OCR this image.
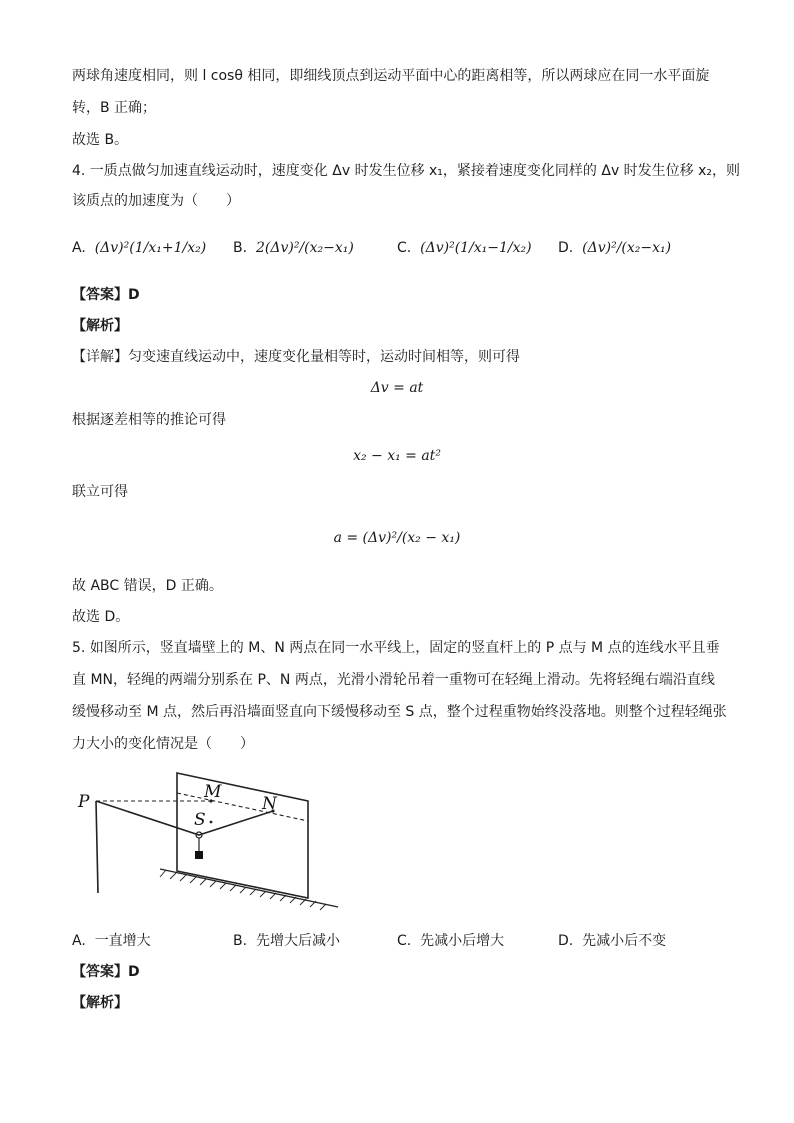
两球角速度相同，则 l cosθ 相同，即细线顶点到运动平面中心的距离相等，所以两球应在同一水平面旋
转，B 正确；
故选 B。
4. 一质点做匀加速直线运动时，速度变化 Δv 时发生位移 x₁，紧接着速度变化同样的 Δv 时发生位移 x₂，则
该质点的加速度为（　　）
A. (Δv)²(1/x₁+1/x₂) B. 2(Δv)²/(x₂−x₁)	C. (Δv)²(1/x₁−1/x₂) D. (Δv)²/(x₂−x₁)
【答案】D
【解析】
【详解】匀变速直线运动中，速度变化量相等时，运动时间相等，则可得
Δv = at
根据逐差相等的推论可得
x₂ − x₁ = at²
联立可得
a = (Δv)²/(x₂ − x₁)
故 ABC 错误，D 正确。
故选 D。
5. 如图所示，竖直墙壁上的 M、N 两点在同一水平线上，固定的竖直杆上的 P 点与 M 点的连线水平且垂
直 MN，轻绳的两端分别系在 P、N 两点，光滑小滑轮吊着一重物可在轻绳上滑动。先将轻绳右端沿直线
缓慢移动至 M 点，然后再沿墙面竖直向下缓慢移动至 S 点，整个过程重物始终没落地。则整个过程轻绳张
力大小的变化情况是（　　）
P	M
N
S
A. 一直增大	B. 先增大后减小	C. 先减小后增大	D. 先减小后不变
【答案】D
【解析】
